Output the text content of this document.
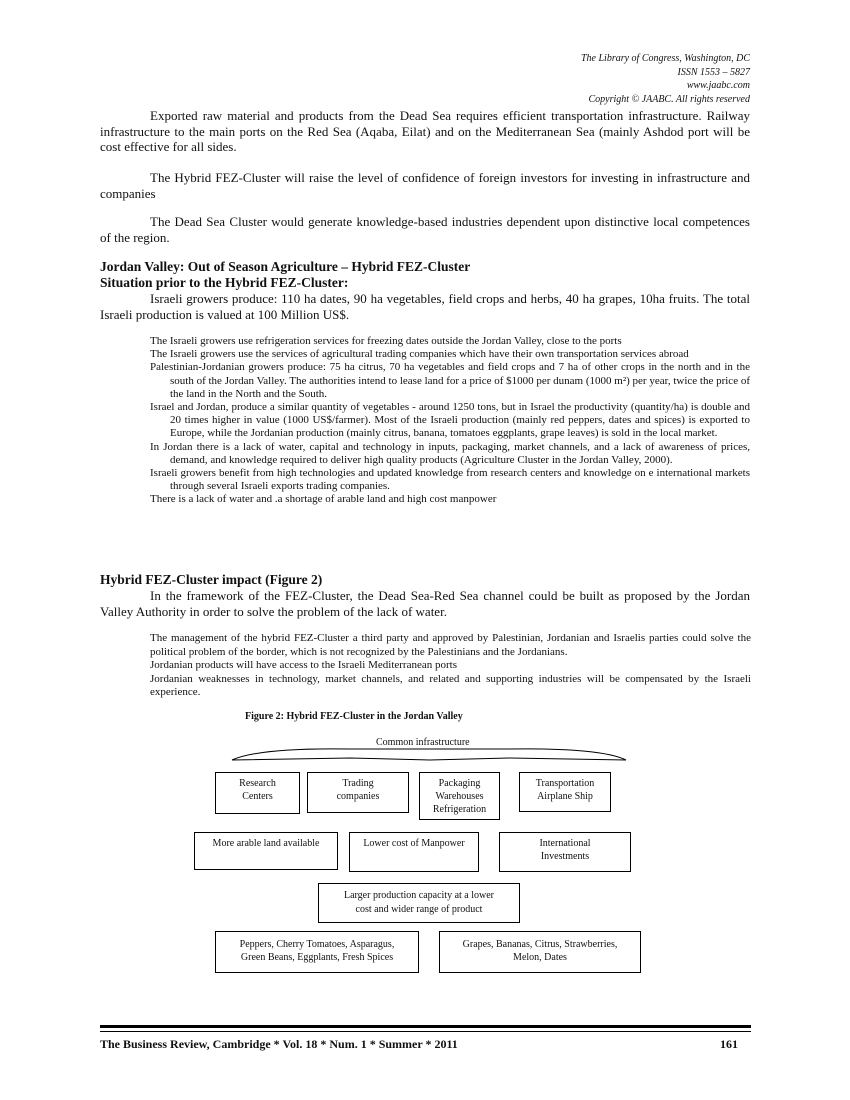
The Library of Congress, Washington, DC
ISSN 1553 – 5827
www.jaabc.com
Copyright © JAABC. All rights reserved
Exported raw material and products from the Dead Sea requires efficient transportation infrastructure. Railway infrastructure to the main ports on the Red Sea (Aqaba, Eilat) and on the Mediterranean Sea (mainly Ashdod port will be cost effective for all sides.
The Hybrid FEZ-Cluster will raise the level of confidence of foreign investors for investing in infrastructure and companies
The Dead Sea Cluster would generate knowledge-based industries dependent upon distinctive local competences of the region.
Jordan Valley: Out of Season Agriculture – Hybrid FEZ-Cluster
Situation prior to the Hybrid FEZ-Cluster:
Israeli growers produce: 110 ha dates, 90 ha vegetables, field crops and herbs, 40 ha grapes, 10ha fruits. The total Israeli production is valued at 100 Million US$.
The Israeli growers use refrigeration services for freezing dates outside the Jordan Valley, close to the ports
The Israeli growers use the services of agricultural trading companies which have their own transportation services abroad
Palestinian-Jordanian growers produce: 75 ha citrus, 70 ha vegetables and field crops and 7 ha of other crops in the north and in the south of the Jordan Valley. The authorities intend to lease land for a price of $1000 per dunam (1000 m²) per year, twice the price of the land in the North and the South.
Israel and Jordan, produce a similar quantity of vegetables - around 1250 tons, but in Israel the productivity (quantity/ha) is double and 20 times higher in value (1000 US$/farmer). Most of the Israeli production (mainly red peppers, dates and spices) is exported to Europe, while the Jordanian production (mainly citrus, banana, tomatoes eggplants, grape leaves) is sold in the local market.
In Jordan there is a lack of water, capital and technology in inputs, packaging, market channels, and a lack of awareness of prices, demand, and knowledge required to deliver high quality products (Agriculture Cluster in the Jordan Valley, 2000).
Israeli growers benefit from high technologies and updated knowledge from research centers and knowledge on e international markets through several Israeli exports trading companies.
There is a lack of water and .a shortage of arable land and high cost manpower
Hybrid FEZ-Cluster impact (Figure 2)
In the framework of the FEZ-Cluster, the Dead Sea-Red Sea channel could be built as proposed by the Jordan Valley Authority in order to solve the problem of the lack of water.
The management of the hybrid FEZ-Cluster a third party and approved by Palestinian, Jordanian and Israelis parties could solve the political problem of the border, which is not recognized by the Palestinians and the Jordanians.
Jordanian products will have access to the Israeli Mediterranean ports
Jordanian weaknesses in technology, market channels, and related and supporting industries will be compensated by the Israeli experience.
Figure 2: Hybrid FEZ-Cluster in the Jordan Valley
Common infrastructure
Research
Centers
Trading
companies
Packaging
Warehouses
Refrigeration
Transportation
Airplane Ship
More arable land available	Lower cost of Manpower	International
Investments
Larger production capacity at a lower
cost and wider range of product
Peppers, Cherry Tomatoes, Asparagus,
Green Beans, Eggplants, Fresh Spices
Grapes, Bananas, Citrus, Strawberries,
Melon, Dates
The Business Review, Cambridge * Vol. 18 * Num. 1 * Summer * 2011	161
